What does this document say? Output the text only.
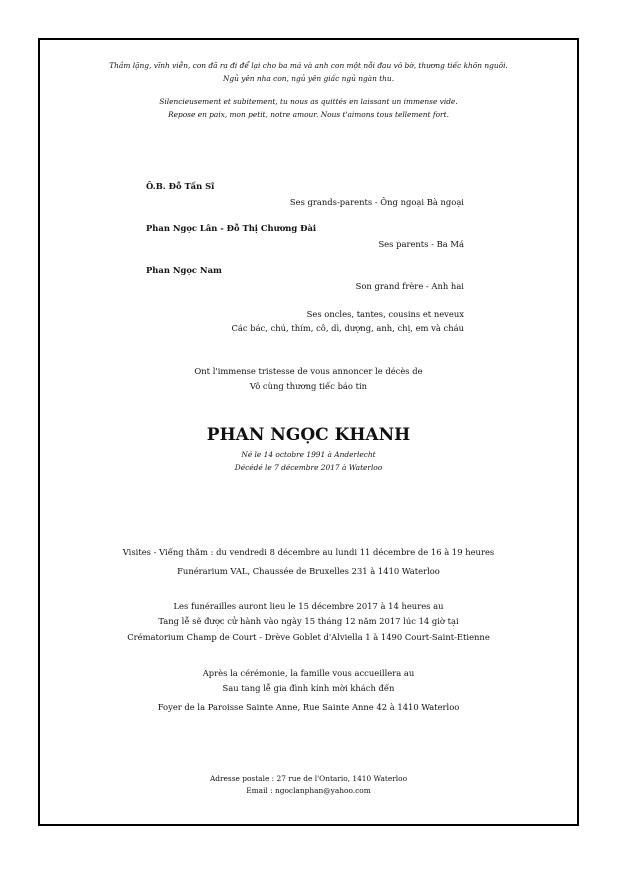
Thầm lặng, vĩnh viễn, con đã ra đi để lại cho ba má và anh con một nỗi đau vô bờ, thương tiếc khôn nguôi.
Ngủ yên nha con, ngủ yên giấc ngủ ngàn thu.
Silencieusement et subitement, tu nous as quittés en laissant un immense vide.
Repose en paix, mon petit, notre amour. Nous t'aimons tous tellement fort.
Ô.B. Đỗ Tấn Sĩ
Ses grands-parents - Ông ngoại Bà ngoại
Phan Ngọc Lân - Đỗ Thị Chương Đài
Ses parents - Ba Má
Phan Ngọc Nam
Son grand frère - Anh hai
Ses oncles, tantes, cousins et neveux
Các bác, chú, thím, cô, dì, dượng, anh, chị, em và cháu
Ont l'immense tristesse de vous annoncer le décès de
Vô cùng thương tiếc báo tin
PHAN NGỌC KHANH
Né le 14 octobre 1991 à Anderlecht
Décédé le 7 décembre 2017 à Waterloo
Visites - Viếng thăm : du vendredi 8 décembre au lundi 11 décembre de 16 à 19 heures
Funérarium VAL, Chaussée de Bruxelles 231 à 1410 Waterloo
Les funérailles auront lieu le 15 décembre 2017 à 14 heures au
Tang lễ sẽ được cử hành vào ngày 15 tháng 12 năm 2017 lúc 14 giờ tại
Crématorium Champ de Court - Drève Goblet d'Alviella 1 à 1490 Court-Saint-Etienne
Après la cérémonie, la famille vous accueillera au
Sau tang lễ gia đình kính mời khách đến
Foyer de la Paroisse Sainte Anne, Rue Sainte Anne 42 à 1410 Waterloo
Adresse postale : 27 rue de l'Ontario, 1410 Waterloo
Email : ngoclanphan@yahoo.com
